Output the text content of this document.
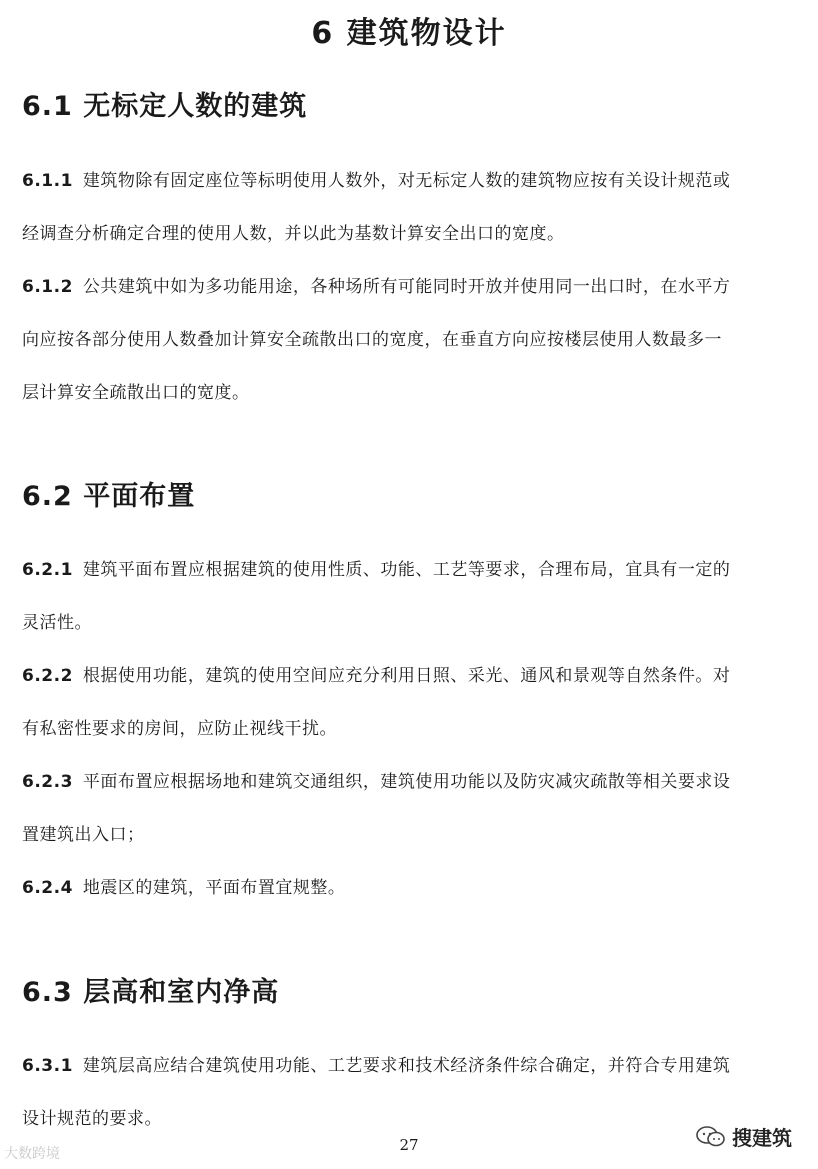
6 建筑物设计
6.1 无标定人数的建筑
6.1.1 建筑物除有固定座位等标明使用人数外，对无标定人数的建筑物应按有关设计规范或
经调查分析确定合理的使用人数，并以此为基数计算安全出口的宽度。
6.1.2 公共建筑中如为多功能用途，各种场所有可能同时开放并使用同一出口时，在水平方
向应按各部分使用人数叠加计算安全疏散出口的宽度，在垂直方向应按楼层使用人数最多一
层计算安全疏散出口的宽度。
6.2 平面布置
6.2.1 建筑平面布置应根据建筑的使用性质、功能、工艺等要求，合理布局，宜具有一定的
灵活性。
6.2.2 根据使用功能，建筑的使用空间应充分利用日照、采光、通风和景观等自然条件。对
有私密性要求的房间，应防止视线干扰。
6.2.3 平面布置应根据场地和建筑交通组织，建筑使用功能以及防灾减灾疏散等相关要求设
置建筑出入口；
6.2.4 地震区的建筑，平面布置宜规整。
6.3 层高和室内净高
6.3.1 建筑层高应结合建筑使用功能、工艺要求和技术经济条件综合确定，并符合专用建筑
设计规范的要求。
27
大数跨境
搜建筑
